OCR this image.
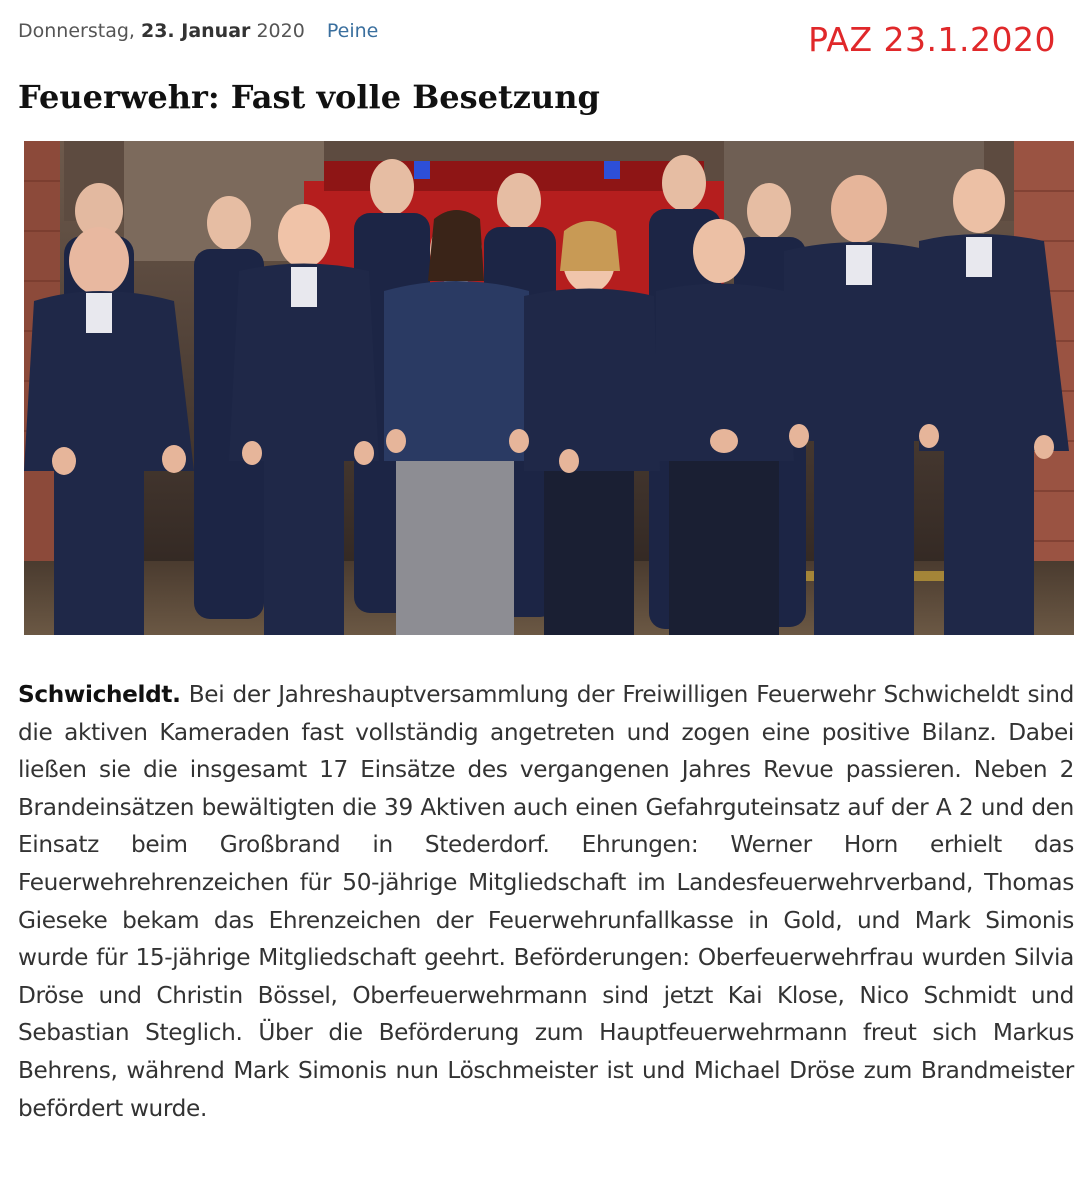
Donnerstag, 23. Januar 2020 Peine	PAZ 23.1.2020
Feuerwehr: Fast volle Besetzung

Schwicheldt. Bei der Jahreshauptversammlung der Freiwilligen Feuerwehr Schwicheldt sind die aktiven Kameraden fast vollständig angetreten und zogen eine positive Bilanz. Dabei ließen sie die insgesamt 17 Einsätze des vergangenen Jahres Revue passieren. Neben 2 Brandeinsätzen bewältigten die 39 Aktiven auch einen Gefahrguteinsatz auf der A 2 und den Einsatz beim Großbrand in Stederdorf. Ehrungen: Werner Horn erhielt das Feuerwehrehrenzeichen für 50-jährige Mitgliedschaft im Landesfeuerwehrverband, Thomas Gieseke bekam das Ehrenzeichen der Feuerwehrunfallkasse in Gold, und Mark Simonis wurde für 15-jährige Mitgliedschaft geehrt. Beförderungen: Oberfeuerwehrfrau wurden Silvia Dröse und Christin Bössel, Oberfeuerwehrmann sind jetzt Kai Klose, Nico Schmidt und Sebastian Steglich. Über die Beförderung zum Hauptfeuerwehrmann freut sich Markus Behrens, während Mark Simonis nun Löschmeister ist und Michael Dröse zum Brandmeister befördert wurde.
